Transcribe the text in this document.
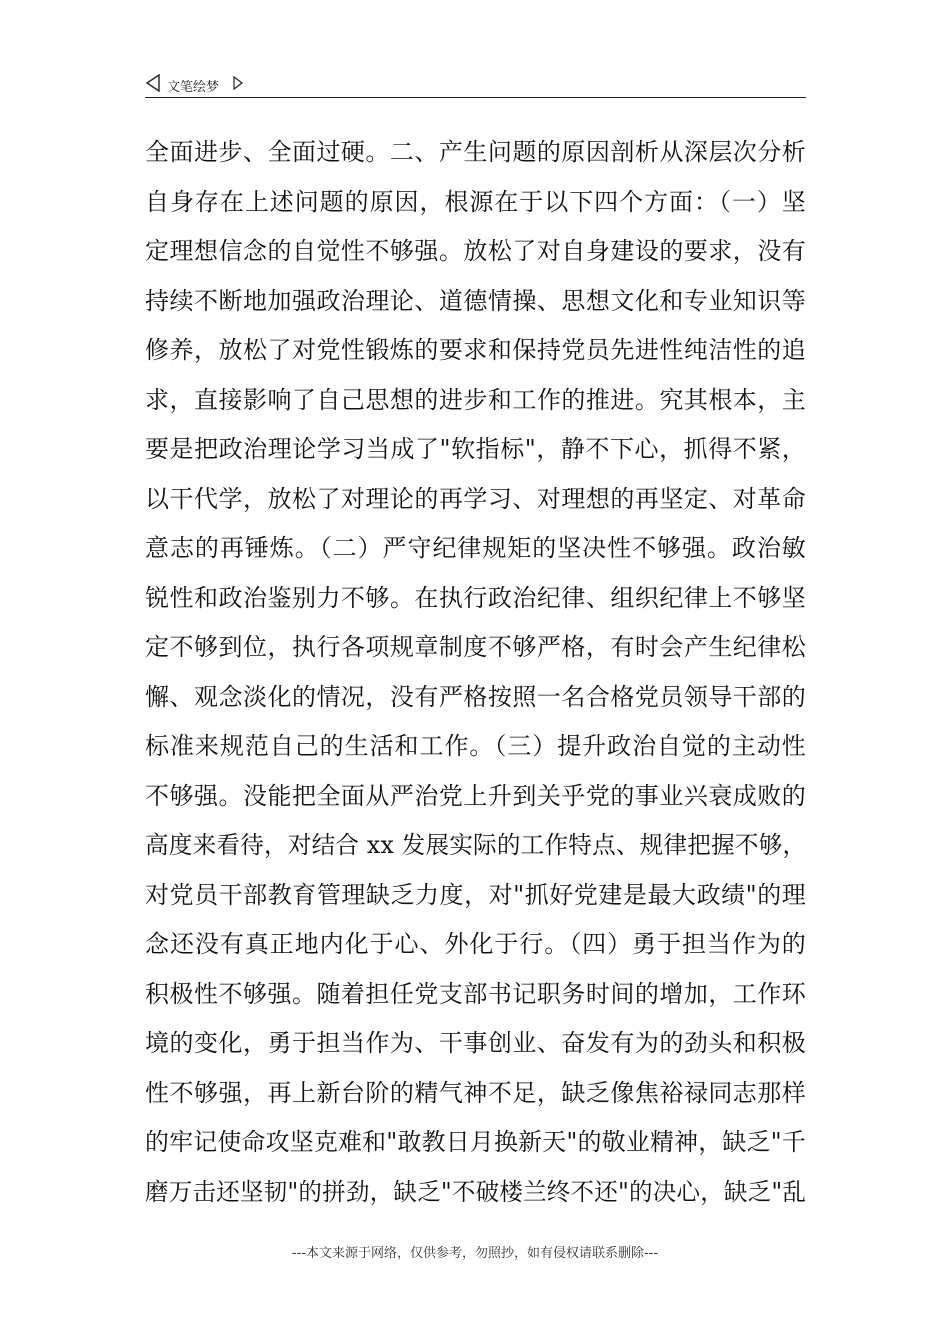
文笔绘梦
全面进步、全面过硬。二、产生问题的原因剖析从深层次分析
自身存在上述问题的原因，根源在于以下四个方面：（一）坚
定理想信念的自觉性不够强。放松了对自身建设的要求，没有
持续不断地加强政治理论、道德情操、思想文化和专业知识等
修养，放松了对党性锻炼的要求和保持党员先进性纯洁性的追
求，直接影响了自己思想的进步和工作的推进。究其根本，主
要是把政治理论学习当成了"软指标"，静不下心，抓得不紧，
以干代学，放松了对理论的再学习、对理想的再坚定、对革命
意志的再锤炼。（二）严守纪律规矩的坚决性不够强。政治敏
锐性和政治鉴别力不够。在执行政治纪律、组织纪律上不够坚
定不够到位，执行各项规章制度不够严格，有时会产生纪律松
懈、观念淡化的情况，没有严格按照一名合格党员领导干部的
标准来规范自己的生活和工作。（三）提升政治自觉的主动性
不够强。没能把全面从严治党上升到关乎党的事业兴衰成败的
高度来看待，对结合 xx 发展实际的工作特点、规律把握不够，
对党员干部教育管理缺乏力度，对"抓好党建是最大政绩"的理
念还没有真正地内化于心、外化于行。（四）勇于担当作为的
积极性不够强。随着担任党支部书记职务时间的增加，工作环
境的变化，勇于担当作为、干事创业、奋发有为的劲头和积极
性不够强，再上新台阶的精气神不足，缺乏像焦裕禄同志那样
的牢记使命攻坚克难和"敢教日月换新天"的敬业精神，缺乏"千
磨万击还坚韧"的拼劲，缺乏"不破楼兰终不还"的决心，缺乏"乱
---本文来源于网络，仅供参考，勿照抄，如有侵权请联系删除---
